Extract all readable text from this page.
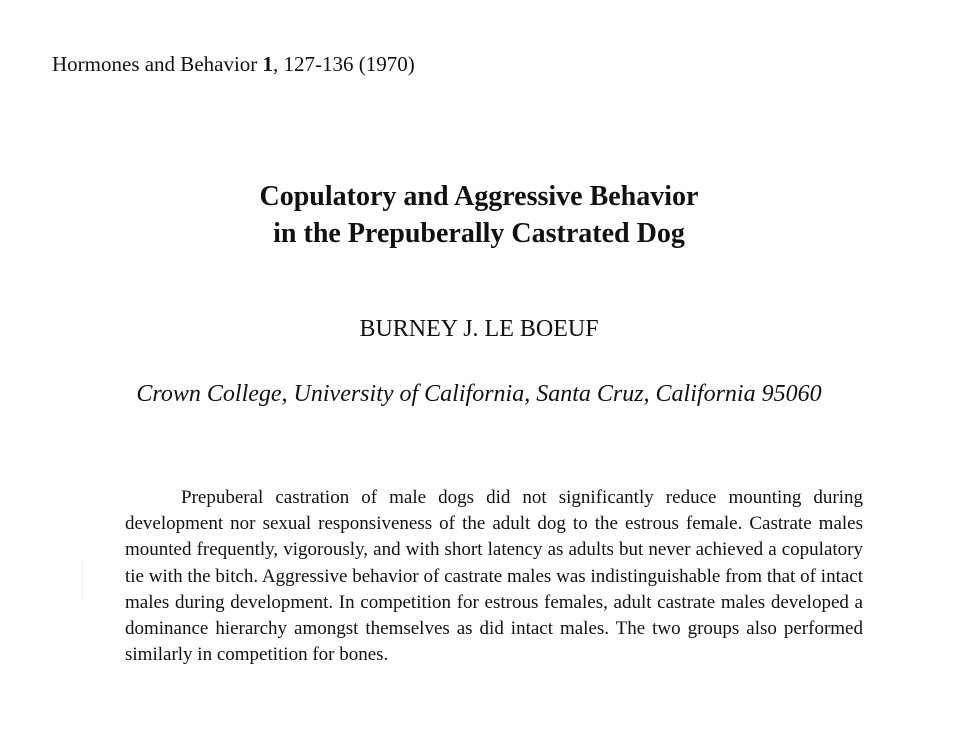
Hormones and Behavior 1, 127-136 (1970)
Copulatory and Aggressive Behavior
in the Prepuberally Castrated Dog
BURNEY J. LE BOEUF
Crown College, University of California, Santa Cruz, California 95060

Prepuberal castration of male dogs did not significantly reduce mounting during development nor sexual responsiveness of the adult dog to the estrous female. Castrate males mounted frequently, vigorously, and with short latency as adults but never achieved a copulatory tie with the bitch. Aggressive behavior of castrate males was indistinguishable from that of intact males during development. In competition for estrous females, adult castrate males developed a dominance hierarchy amongst themselves as did intact males. The two groups also performed similarly in competition for bones.
